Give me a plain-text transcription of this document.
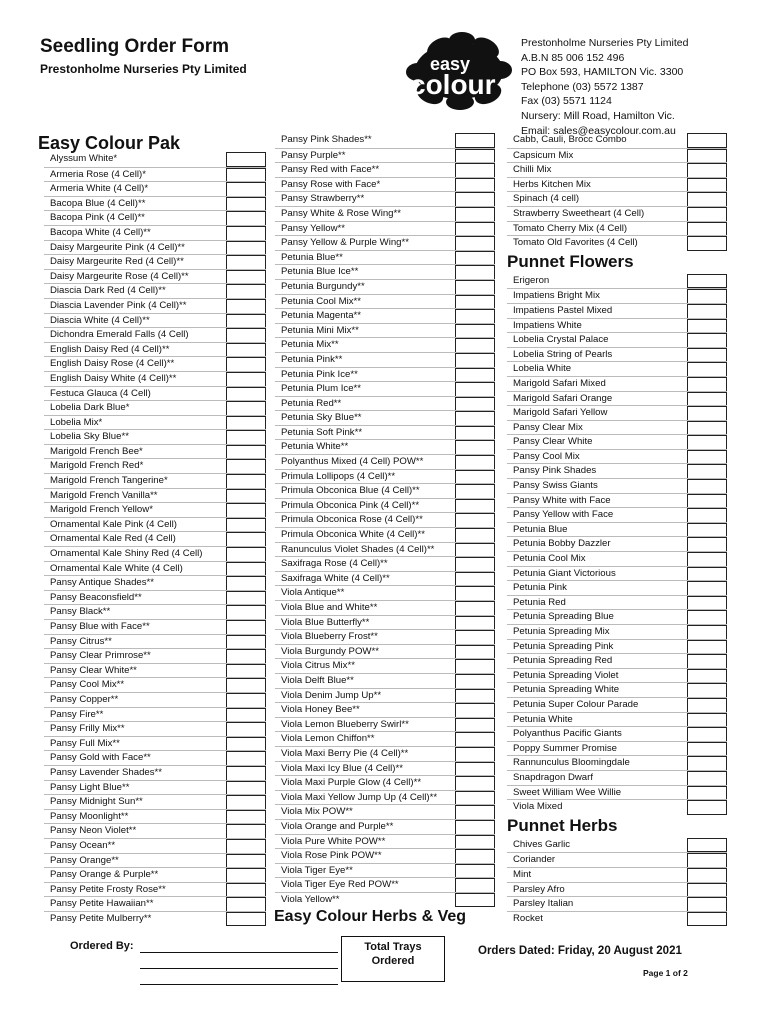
Seedling Order Form
Prestonholme Nurseries Pty Limited	easy
colour
Prestonholme Nurseries Pty Limited
A.B.N 85 006 152 496
PO Box 593, HAMILTON Vic. 3300
Telephone (03) 5572 1387
Fax (03) 5571 1124
Nursery: Mill Road, Hamilton Vic.
Email: sales@easycolour.com.au
Easy Colour Pak
Alyssum White*
Armeria Rose (4 Cell)*
Armeria White (4 Cell)*
Bacopa Blue (4 Cell)**
Bacopa Pink (4 Cell)**
Bacopa White (4 Cell)**
Daisy Margeurite Pink (4 Cell)**
Daisy Margeurite Red (4 Cell)**
Daisy Margeurite Rose (4 Cell)**
Diascia Dark Red (4 Cell)**
Diascia Lavender Pink (4 Cell)**
Diascia White (4 Cell)**
Dichondra Emerald Falls (4 Cell)
English Daisy Red (4 Cell)**
English Daisy Rose (4 Cell)**
English Daisy White (4 Cell)**
Festuca Glauca (4 Cell)
Lobelia Dark Blue*
Lobelia Mix*
Lobelia Sky Blue**
Marigold French Bee*
Marigold French Red*
Marigold French Tangerine*
Marigold French Vanilla**
Marigold French Yellow*
Ornamental Kale Pink (4 Cell)
Ornamental Kale Red (4 Cell)
Ornamental Kale Shiny Red (4 Cell)
Ornamental Kale White (4 Cell)
Pansy Antique Shades**
Pansy Beaconsfield**
Pansy Black**
Pansy Blue with Face**
Pansy Citrus**
Pansy Clear Primrose**
Pansy Clear White**
Pansy Cool Mix**
Pansy Copper**
Pansy Fire**
Pansy Frilly Mix**
Pansy Full Mix**
Pansy Gold with Face**
Pansy Lavender Shades**
Pansy Light Blue**
Pansy Midnight Sun**
Pansy Moonlight**
Pansy Neon Violet**
Pansy Ocean**
Pansy Orange**
Pansy Orange & Purple**
Pansy Petite Frosty Rose**
Pansy Petite Hawaiian**
Pansy Petite Mulberry**
Pansy Pink Shades**
Pansy Purple**
Pansy Red with Face**
Pansy Rose with Face*
Pansy Strawberry**
Pansy White & Rose Wing**
Pansy Yellow**
Pansy Yellow & Purple Wing**
Petunia Blue**
Petunia Blue Ice**
Petunia Burgundy**
Petunia Cool Mix**
Petunia Magenta**
Petunia Mini Mix**
Petunia Mix**
Petunia Pink**
Petunia Pink Ice**
Petunia Plum Ice**
Petunia Red**
Petunia Sky Blue**
Petunia Soft Pink**
Petunia White**
Polyanthus Mixed (4 Cell) POW**
Primula Lollipops (4 Cell)**
Primula Obconica Blue (4 Cell)**
Primula Obconica Pink (4 Cell)**
Primula Obconica Rose (4 Cell)**
Primula Obconica White (4 Cell)**
Ranunculus Violet Shades (4 Cell)**
Saxifraga Rose (4 Cell)**
Saxifraga White (4 Cell)**
Viola Antique**
Viola Blue and White**
Viola Blue Butterfly**
Viola Blueberry Frost**
Viola Burgundy POW**
Viola Citrus Mix**
Viola Delft Blue**
Viola Denim Jump Up**
Viola Honey Bee**
Viola Lemon Blueberry Swirl**
Viola Lemon Chiffon**
Viola Maxi Berry Pie (4 Cell)**
Viola Maxi Icy Blue (4 Cell)**
Viola Maxi Purple Glow (4 Cell)**
Viola Maxi Yellow Jump Up (4 Cell)**
Viola Mix POW**
Viola Orange and Purple**
Viola Pure White POW**
Viola Rose Pink POW**
Viola Tiger Eye**
Viola Tiger Eye Red POW**
Viola Yellow**
Cabb, Cauli, Brocc Combo
Capsicum Mix
Chilli Mix
Herbs Kitchen Mix
Spinach (4 cell)
Strawberry Sweetheart (4 Cell)
Tomato Cherry Mix (4 Cell)
Tomato Old Favorites (4 Cell)
Punnet Flowers
Erigeron
Impatiens Bright Mix
Impatiens Pastel Mixed
Impatiens White
Lobelia Crystal Palace
Lobelia String of Pearls
Lobelia White
Marigold Safari Mixed
Marigold Safari Orange
Marigold Safari Yellow
Pansy Clear Mix
Pansy Clear White
Pansy Cool Mix
Pansy Pink Shades
Pansy Swiss Giants
Pansy White with Face
Pansy Yellow with Face
Petunia Blue
Petunia Bobby Dazzler
Petunia Cool Mix
Petunia Giant Victorious
Petunia Pink
Petunia Red
Petunia Spreading Blue
Petunia Spreading Mix
Petunia Spreading Pink
Petunia Spreading Red
Petunia Spreading Violet
Petunia Spreading White
Petunia Super Colour Parade
Petunia White
Polyanthus Pacific Giants
Poppy Summer Promise
Rannunculus Bloomingdale
Snapdragon Dwarf
Sweet William Wee Willie
Viola Mixed
Punnet Herbs
Chives Garlic
Coriander
Mint
Parsley Afro
Parsley Italian
Rocket
Easy Colour Herbs & Veg
Ordered By:	Total Trays
Ordered
Orders Dated: Friday, 20 August 2021
Page 1 of 2
